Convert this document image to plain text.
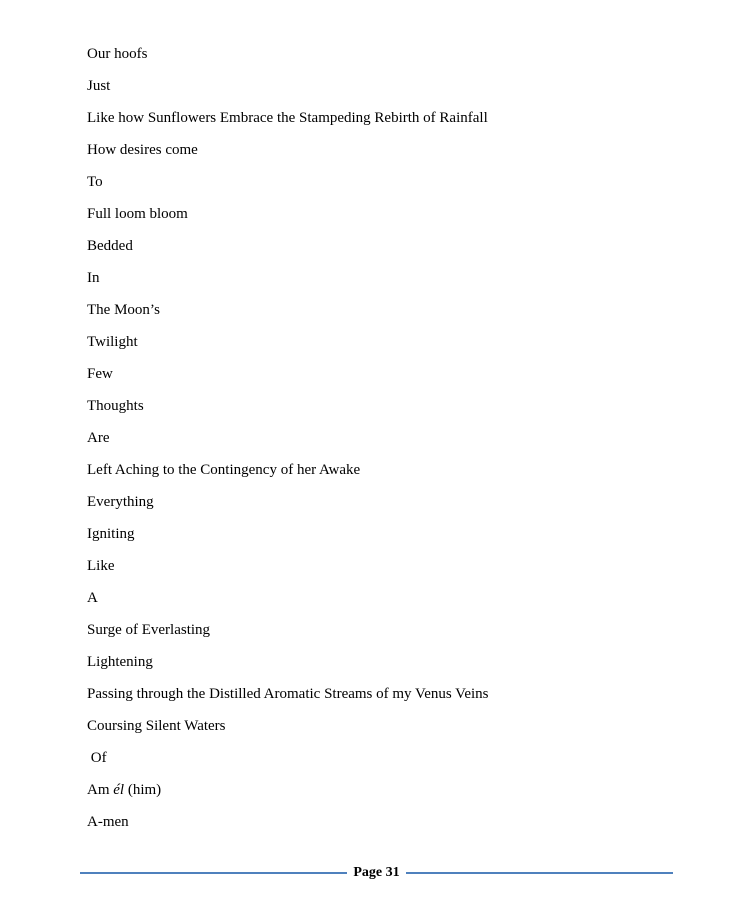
Our hoofs
Just
Like how Sunflowers Embrace the Stampeding Rebirth of Rainfall
How desires come
To
Full loom bloom
Bedded
In
The Moon’s
Twilight
Few
Thoughts
Are
Left Aching to the Contingency of her Awake
Everything
Igniting
Like
A
Surge of Everlasting
Lightening
Passing through the Distilled Aromatic Streams of my Venus Veins
Coursing Silent Waters
Of
Am él (him)
A-men
Page 31
